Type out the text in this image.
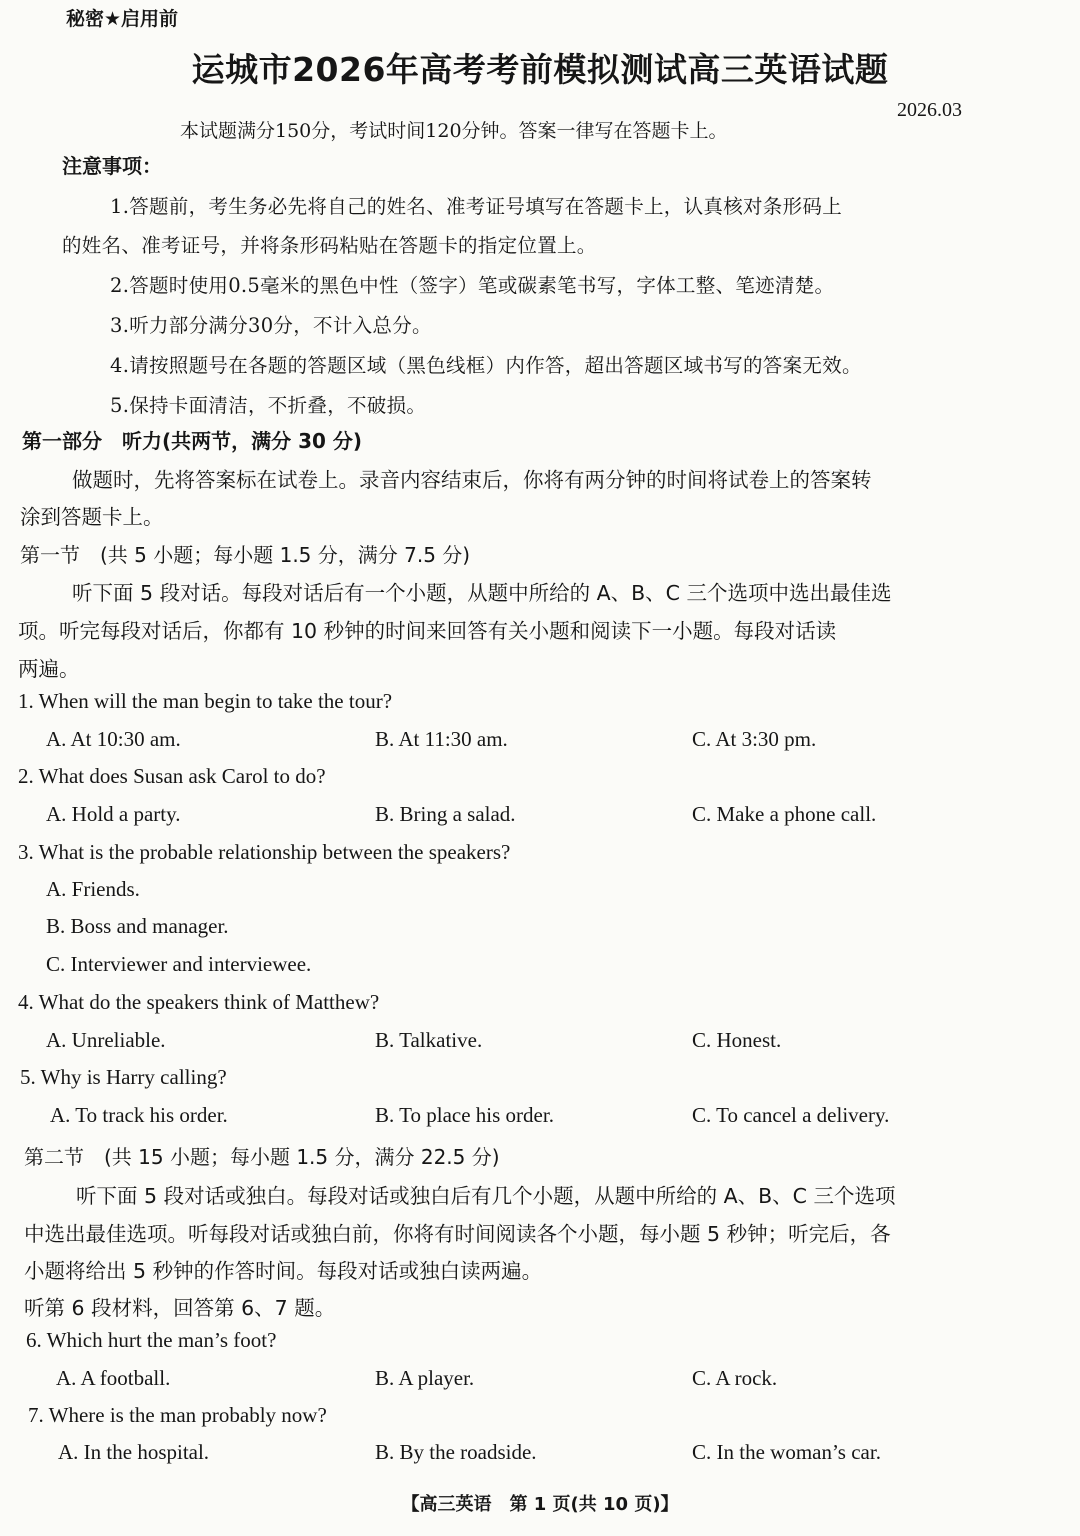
秘密★启用前
运城市2026年高考考前模拟测试高三英语试题
2026.03
本试题满分150分，考试时间120分钟。答案一律写在答题卡上。
注意事项：
1.答题前，考生务必先将自己的姓名、准考证号填写在答题卡上，认真核对条形码上
的姓名、准考证号，并将条形码粘贴在答题卡的指定位置上。
2.答题时使用0.5毫米的黑色中性（签字）笔或碳素笔书写，字体工整、笔迹清楚。
3.听力部分满分30分，不计入总分。
4.请按照题号在各题的答题区域（黑色线框）内作答，超出答题区域书写的答案无效。
5.保持卡面清洁，不折叠，不破损。
第一部分　听力(共两节，满分 30 分)
做题时，先将答案标在试卷上。录音内容结束后，你将有两分钟的时间将试卷上的答案转
涂到答题卡上。
第一节　(共 5 小题；每小题 1.5 分，满分 7.5 分)
听下面 5 段对话。每段对话后有一个小题，从题中所给的 A、B、C 三个选项中选出最佳选
项。听完每段对话后，你都有 10 秒钟的时间来回答有关小题和阅读下一小题。每段对话读
两遍。
1. When will the man begin to take the tour?
A. At 10:30 am.	B. At 11:30 am.	C. At 3:30 pm.
2. What does Susan ask Carol to do?
A. Hold a party.	B. Bring a salad.	C. Make a phone call.
3. What is the probable relationship between the speakers?
A. Friends.
B. Boss and manager.
C. Interviewer and interviewee.
4. What do the speakers think of Matthew?
A. Unreliable.	B. Talkative.	C. Honest.
5. Why is Harry calling?
A. To track his order.	B. To place his order.	C. To cancel a delivery.
第二节　(共 15 小题；每小题 1.5 分，满分 22.5 分)
听下面 5 段对话或独白。每段对话或独白后有几个小题，从题中所给的 A、B、C 三个选项
中选出最佳选项。听每段对话或独白前，你将有时间阅读各个小题，每小题 5 秒钟；听完后，各
小题将给出 5 秒钟的作答时间。每段对话或独白读两遍。
听第 6 段材料，回答第 6、7 题。
6. Which hurt the man’s foot?
A. A football.	B. A player.	C. A rock.
7. Where is the man probably now?
A. In the hospital.	B. By the roadside.	C. In the woman’s car.
【高三英语　第 1 页(共 10 页)】
